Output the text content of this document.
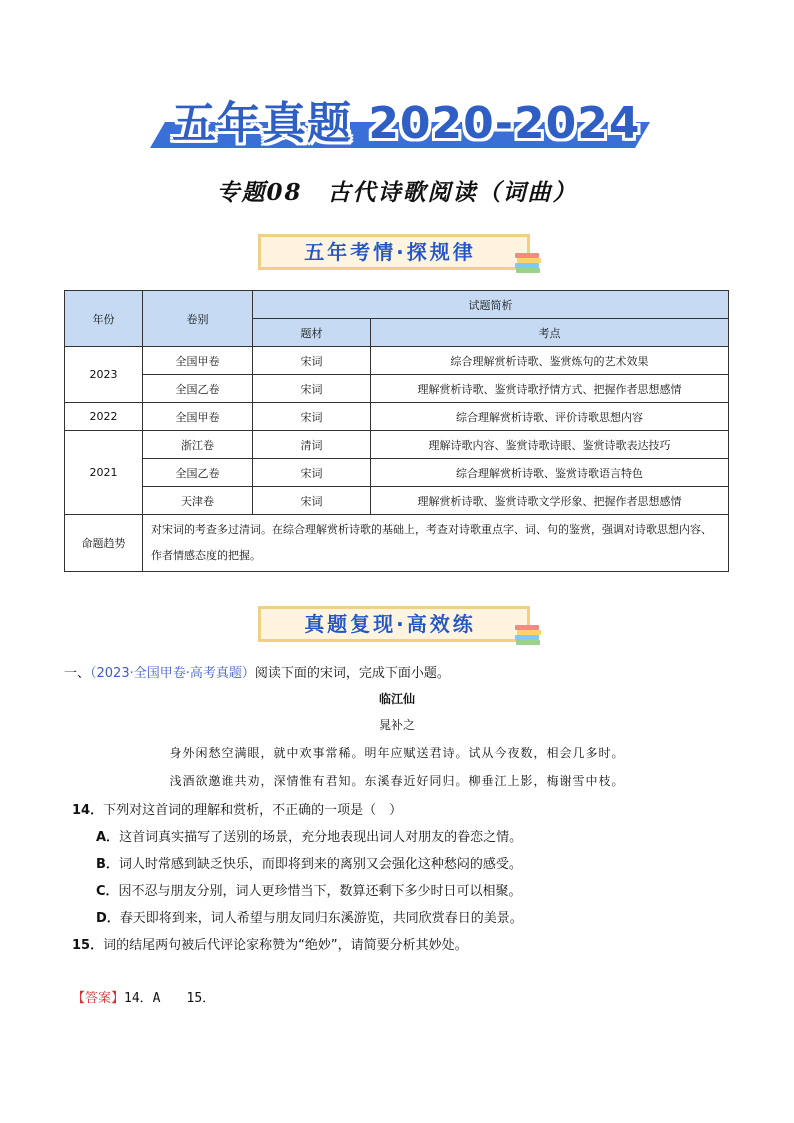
五年真题 2020-2024
专题08　古代诗歌阅读（词曲）
五年考情·探规律
年份	卷别	试题简析	
		题材	考点
2023	全国甲卷	宋词	综合理解赏析诗歌、鉴赏炼句的艺术效果
	全国乙卷	宋词	理解赏析诗歌、鉴赏诗歌抒情方式、把握作者思想感情
2022	全国甲卷	宋词	综合理解赏析诗歌、评价诗歌思想内容
2021	浙江卷	清词	理解诗歌内容、鉴赏诗歌诗眼、鉴赏诗歌表达技巧
	全国乙卷	宋词	综合理解赏析诗歌、鉴赏诗歌语言特色
	天津卷	宋词	理解赏析诗歌、鉴赏诗歌文学形象、把握作者思想感情
命题趋势	对宋词的考查多过清词。在综合理解赏析诗歌的基础上，考查对诗歌重点字、词、句的鉴赏，强调对诗歌思想内容、作者情感态度的把握。		
真题复现·高效练
一、（2023·全国甲卷·高考真题）阅读下面的宋词，完成下面小题。
临江仙
晁补之
身外闲愁空满眼，就中欢事常稀。明年应赋送君诗。试从今夜数，相会几多时。
浅酒欲邀谁共劝，深情惟有君知。东溪春近好同归。柳垂江上影，梅谢雪中枝。
14．下列对这首词的理解和赏析，不正确的一项是（　）
A．这首词真实描写了送别的场景，充分地表现出词人对朋友的眷恋之情。
B．词人时常感到缺乏快乐，而即将到来的离别又会强化这种愁闷的感受。
C．因不忍与朋友分别，词人更珍惜当下，数算还剩下多少时日可以相聚。
D．春天即将到来，词人希望与朋友同归东溪游览，共同欣赏春日的美景。
15．词的结尾两句被后代评论家称赞为“绝妙”，请简要分析其妙处。
【答案】14．A　　15．
